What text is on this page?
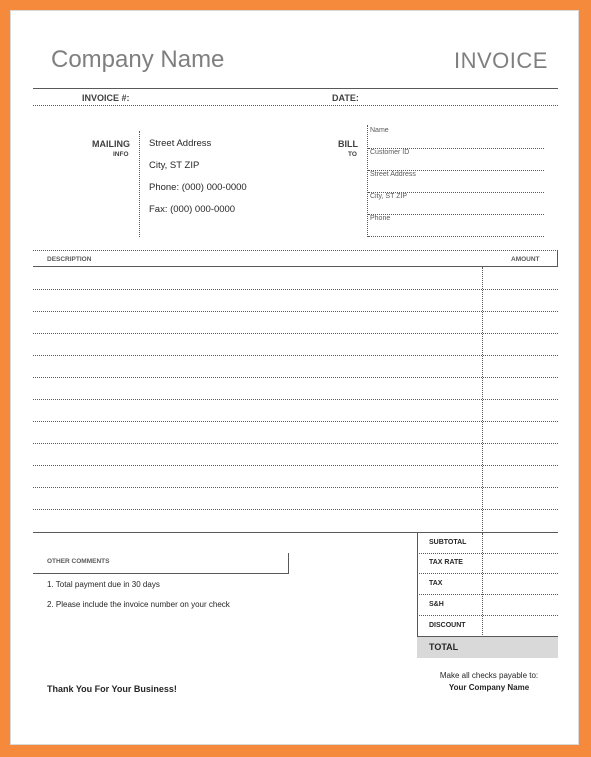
Company Name	INVOICE
INVOICE #:	DATE:
MAILING
INFO
Street Address
City, ST ZIP
Phone: (000) 000-0000
Fax: (000) 000-0000
BILL
TO
Name
Customer ID
Street Address
City, ST ZIP
Phone
DESCRIPTION	AMOUNT
OTHER COMMENTS
1. Total payment due in 30 days
2. Please include the invoice number on your check
SUBTOTAL
TAX RATE
TAX
S&H
DISCOUNT
TOTAL
Thank You For Your Business!
Make all checks payable to:
Your Company Name
